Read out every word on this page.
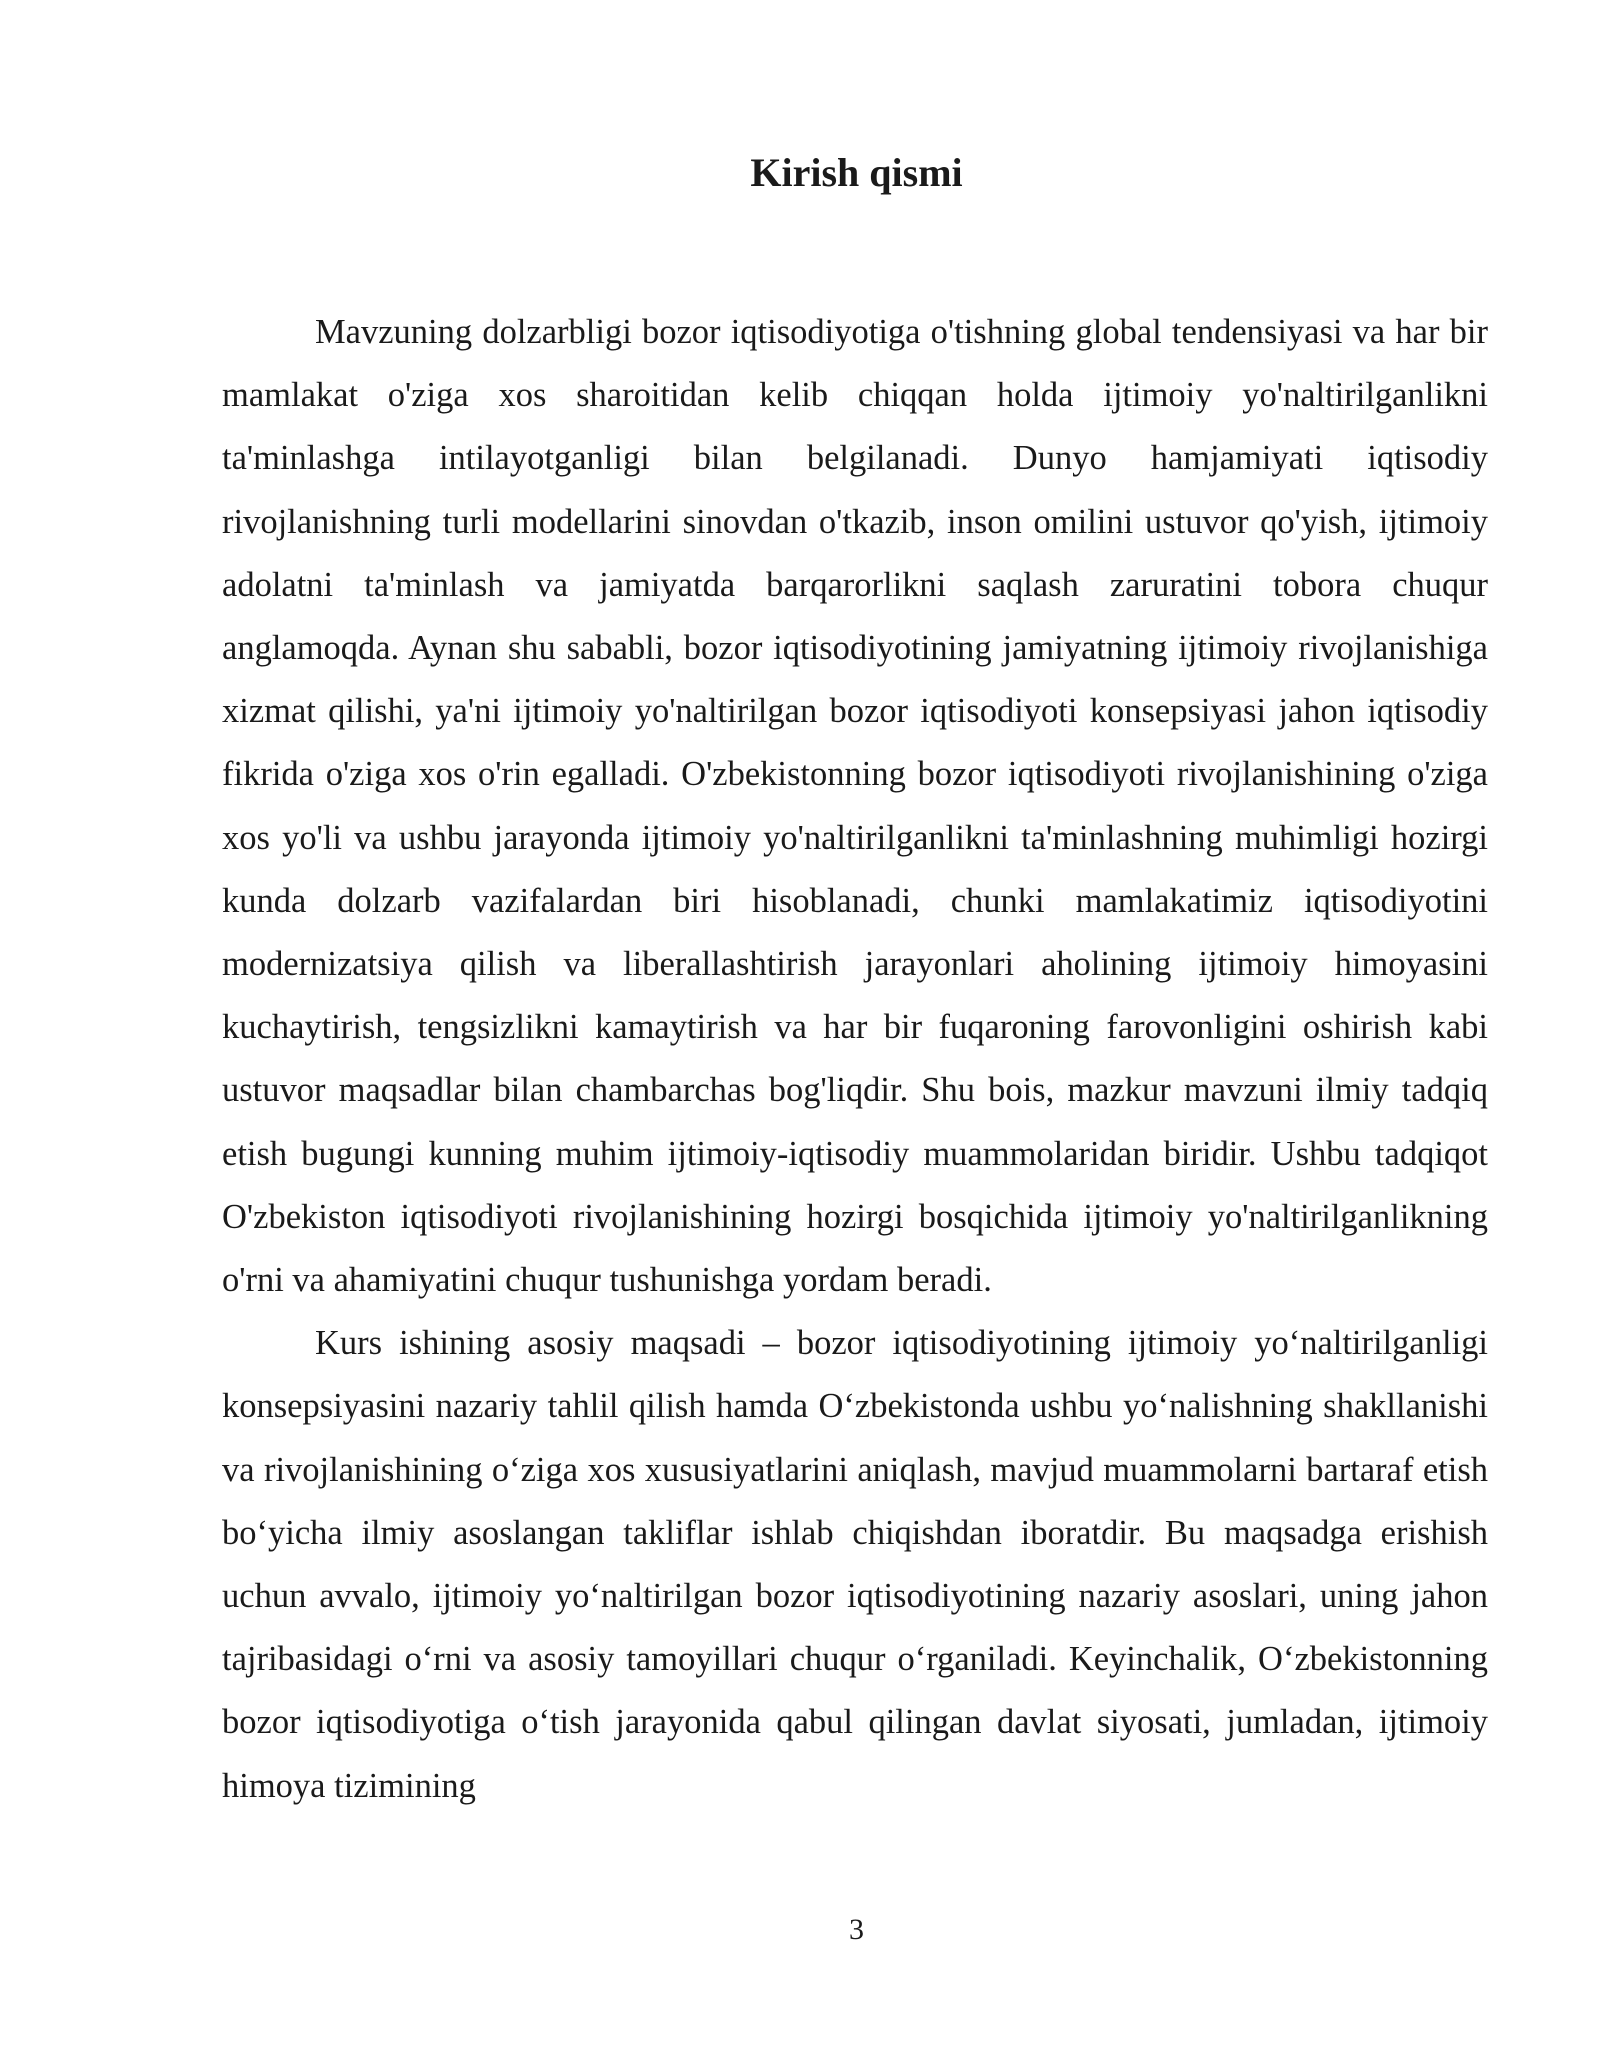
Kirish qismi

Mavzuning dolzarbligi bozor iqtisodiyotiga o'tishning global tendensiyasi va har bir mamlakat o'ziga xos sharoitidan kelib chiqqan holda ijtimoiy yo'naltirilganlikni ta'minlashga intilayotganligi bilan belgilanadi. Dunyo hamjamiyati iqtisodiy rivojlanishning turli modellarini sinovdan o'tkazib, inson omilini ustuvor qo'yish, ijtimoiy adolatni ta'minlash va jamiyatda barqarorlikni saqlash zaruratini tobora chuqur anglamoqda. Aynan shu sababli, bozor iqtisodiyotining jamiyatning ijtimoiy rivojlanishiga xizmat qilishi, ya'ni ijtimoiy yo'naltirilgan bozor iqtisodiyoti konsepsiyasi jahon iqtisodiy fikrida o'ziga xos o'rin egalladi. O'zbekistonning bozor iqtisodiyoti rivojlanishining o'ziga xos yo'li va ushbu jarayonda ijtimoiy yo'naltirilganlikni ta'minlashning muhimligi hozirgi kunda dolzarb vazifalardan biri hisoblanadi, chunki mamlakatimiz iqtisodiyotini modernizatsiya qilish va liberallashtirish jarayonlari aholining ijtimoiy himoyasini kuchaytirish, tengsizlikni kamaytirish va har bir fuqaroning farovonligini oshirish kabi ustuvor maqsadlar bilan chambarchas bog'liqdir. Shu bois, mazkur mavzuni ilmiy tadqiq etish bugungi kunning muhim ijtimoiy-iqtisodiy muammolaridan biridir. Ushbu tadqiqot O'zbekiston iqtisodiyoti rivojlanishining hozirgi bosqichida ijtimoiy yo'naltirilganlikning o'rni va ahamiyatini chuqur tushunishga yordam beradi.

Kurs ishining asosiy maqsadi – bozor iqtisodiyotining ijtimoiy yoʻnaltirilganligi konsepsiyasini nazariy tahlil qilish hamda Oʻzbekistonda ushbu yoʻnalishning shakllanishi va rivojlanishining oʻziga xos xususiyatlarini aniqlash, mavjud muammolarni bartaraf etish boʻyicha ilmiy asoslangan takliflar ishlab chiqishdan iboratdir. Bu maqsadga erishish uchun avvalo, ijtimoiy yoʻnaltirilgan bozor iqtisodiyotining nazariy asoslari, uning jahon tajribasidagi oʻrni va asosiy tamoyillari chuqur oʻrganiladi. Keyinchalik, Oʻzbekistonning bozor iqtisodiyotiga oʻtish jarayonida qabul qilingan davlat siyosati, jumladan, ijtimoiy himoya tizimining

3
